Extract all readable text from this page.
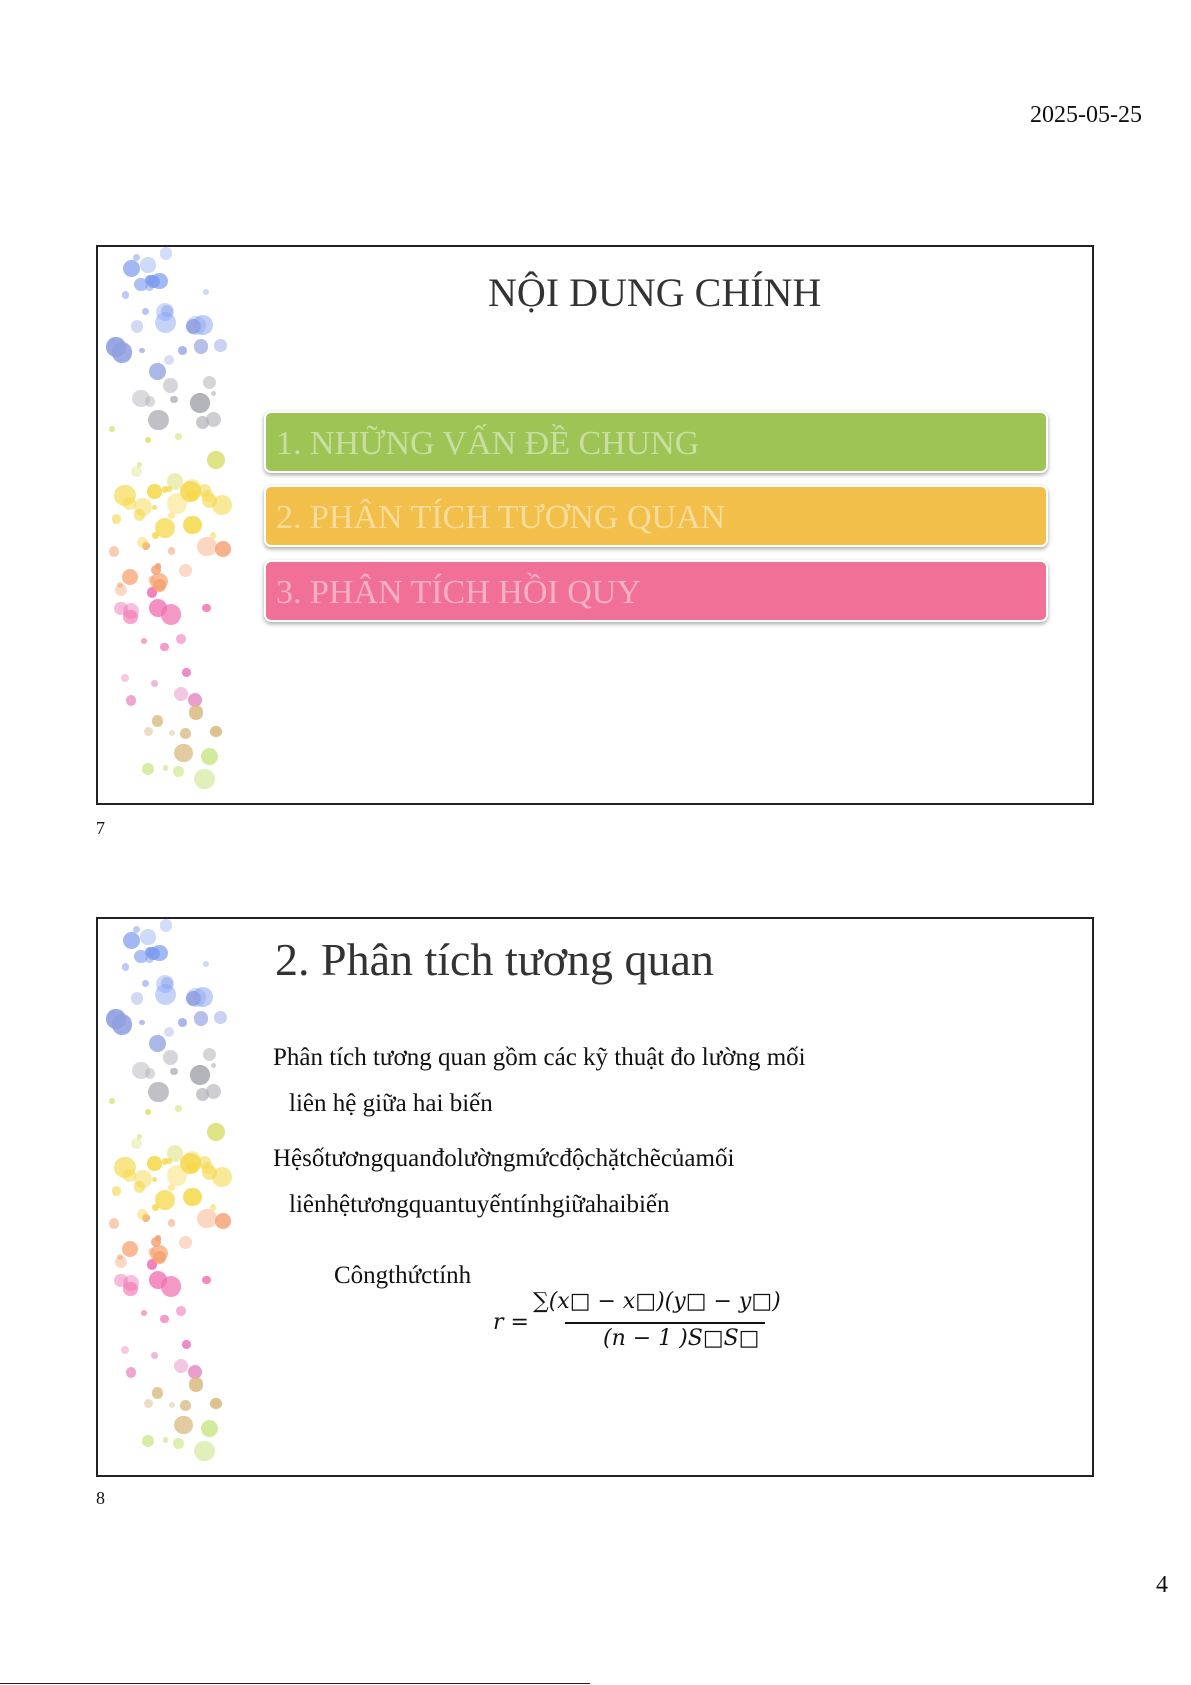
2025-05-25
NỘI DUNG CHÍNH
1. NHỮNG VẤN ĐỀ CHUNG
2. PHÂN TÍCH TƯƠNG QUAN
3. PHÂN TÍCH HỒI QUY
7
2. Phân tích tương quan
Phân tích tương quan gồm các kỹ thuật đo lường mối
liên hệ giữa hai biến
Hệsốtươngquanđolườngmứcđộchặtchẽcủamối
liênhệtươngquantuyếntínhgiữahaibiến
Côngthứctính
r =
∑(x□ − x□)(y□ − y□)
(n − 1 )S□S□
8
4
